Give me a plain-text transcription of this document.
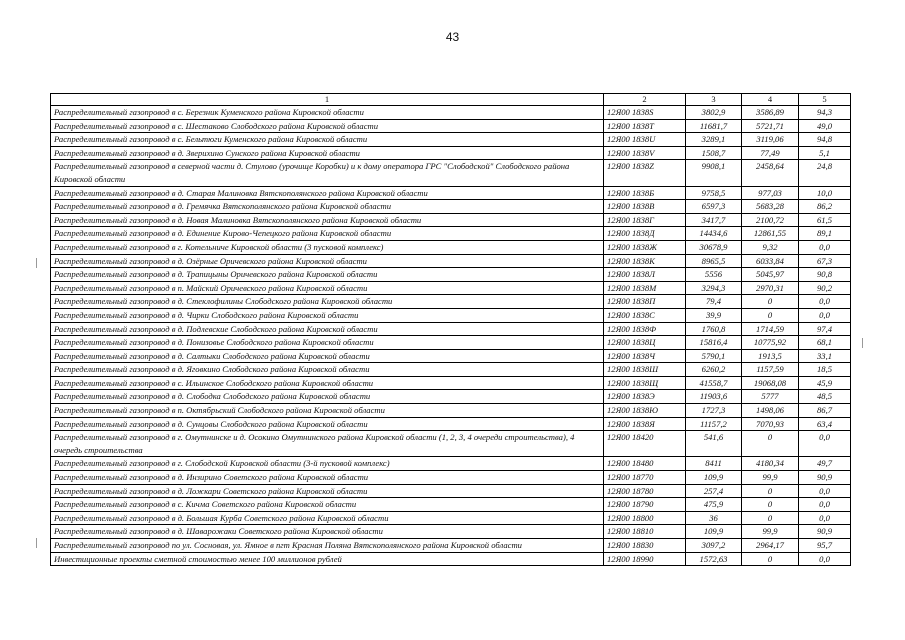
43
1	2	3	4	5
Распределительный газопровод в с. Березник Куменского района Кировской области	12Я00 1838S	3802,9	3586,89	94,3
Распределительный газопровод в с. Шестаково Слободского района Кировской области	12Я00 1838T	11681,7	5721,71	49,0
Распределительный газопровод в с. Бельтюги Куменского района Кировской области	12Я00 1838U	3289,1	3119,06	94,8
Распределительный газопровод в д. Зверихино Сунского района Кировской области	12Я00 1838V	1508,7	77,49	5,1
Распределительный газопровод в северной части д. Стулово (урочище Коробки) и к дому оператора ГРС "Слободской" Слободского района Кировской области	12Я00 1838Z	9908,1	2458,64	24,8
Распределительный газопровод в д. Старая Малиновка Вятскополянского района Кировской области	12Я00 1838Б	9758,5	977,03	10,0
Распределительный газопровод в д. Гремячка Вятскополянского района Кировской области	12Я00 1838В	6597,3	5683,28	86,2
Распределительный газопровод в д. Новая Малиновка Вятскополянского района Кировской области	12Я00 1838Г	3417,7	2100,72	61,5
Распределительный газопровод в д. Единение Кирово-Чепецкого района Кировской области	12Я00 1838Д	14434,6	12861,55	89,1
Распределительный газопровод в г. Котельниче Кировской области (3 пусковой комплекс)	12Я00 1838Ж	30678,9	9,32	0,0
Распределительный газопровод в д. Озёрные Оричевского района Кировской области	12Я00 1838К	8965,5	6033,84	67,3
Распределительный газопровод в д. Трапицыны Оричевского района Кировской области	12Я00 1838Л	5556	5045,97	90,8
Распределительный газопровод в п. Майский Оричевского района Кировской области	12Я00 1838М	3294,3	2970,31	90,2
Распределительный газопровод в д. Стеклофилины Слободского района Кировской области	12Я00 1838П	79,4	0	0,0
Распределительный газопровод в д. Чирки Слободского района Кировской области	12Я00 1838С	39,9	0	0,0
Распределительный газопровод в д. Подлевские Слободского района Кировской области	12Я00 1838Ф	1760,8	1714,59	97,4
Распределительный газопровод в д. Понизовье Слободского района Кировской области	12Я00 1838Ц	15816,4	10775,92	68,1
Распределительный газопровод в д. Салтыки Слободского района Кировской области	12Я00 1838Ч	5790,1	1913,5	33,1
Распределительный газопровод в д. Яговкино Слободского района Кировской области	12Я00 1838Ш	6260,2	1157,59	18,5
Распределительный газопровод в с. Ильинское Слободского района Кировской области	12Я00 1838Щ	41558,7	19068,08	45,9
Распределительный газопровод в д. Слободка Слободского района Кировской области	12Я00 1838Э	11903,6	5777	48,5
Распределительный газопровод в п. Октябрьский Слободского района Кировской области	12Я00 1838Ю	1727,3	1498,06	86,7
Распределительный газопровод в д. Сунцовы Слободского района Кировской области	12Я00 1838Я	11157,2	7070,93	63,4
Распределительный газопровод в г. Омутнинске и д. Осокино Омутнинского района Кировской области (1, 2, 3, 4 очереди строительства), 4 очередь строительства	12Я00 18420	541,6	0	0,0
Распределительный газопровод в г. Слободской Кировской области (3-й пусковой комплекс)	12Я00 18480	8411	4180,34	49,7
Распределительный газопровод в д. Инзирино Советского района Кировской области	12Я00 18770	109,9	99,9	90,9
Распределительный газопровод в д. Ложкари Советского района Кировской области	12Я00 18780	257,4	0	0,0
Распределительный газопровод в с. Кичма Советского района Кировской области	12Я00 18790	475,9	0	0,0
Распределительный газопровод в д. Большая Курба Советского района Кировской области	12Я00 18800	36	0	0,0
Распределительный газопровод в д. Шаварожаки Советского района Кировской области	12Я00 18810	109,9	99,9	90,9
Распределительный газопровод по ул. Сосновая, ул. Ямное в пгт Красная Поляна Вятскополянского района Кировской области	12Я00 18830	3097,2	2964,17	95,7
Инвестиционные проекты сметной стоимостью менее 100 миллионов рублей	12Я00 18990	1572,63	0	0,0
